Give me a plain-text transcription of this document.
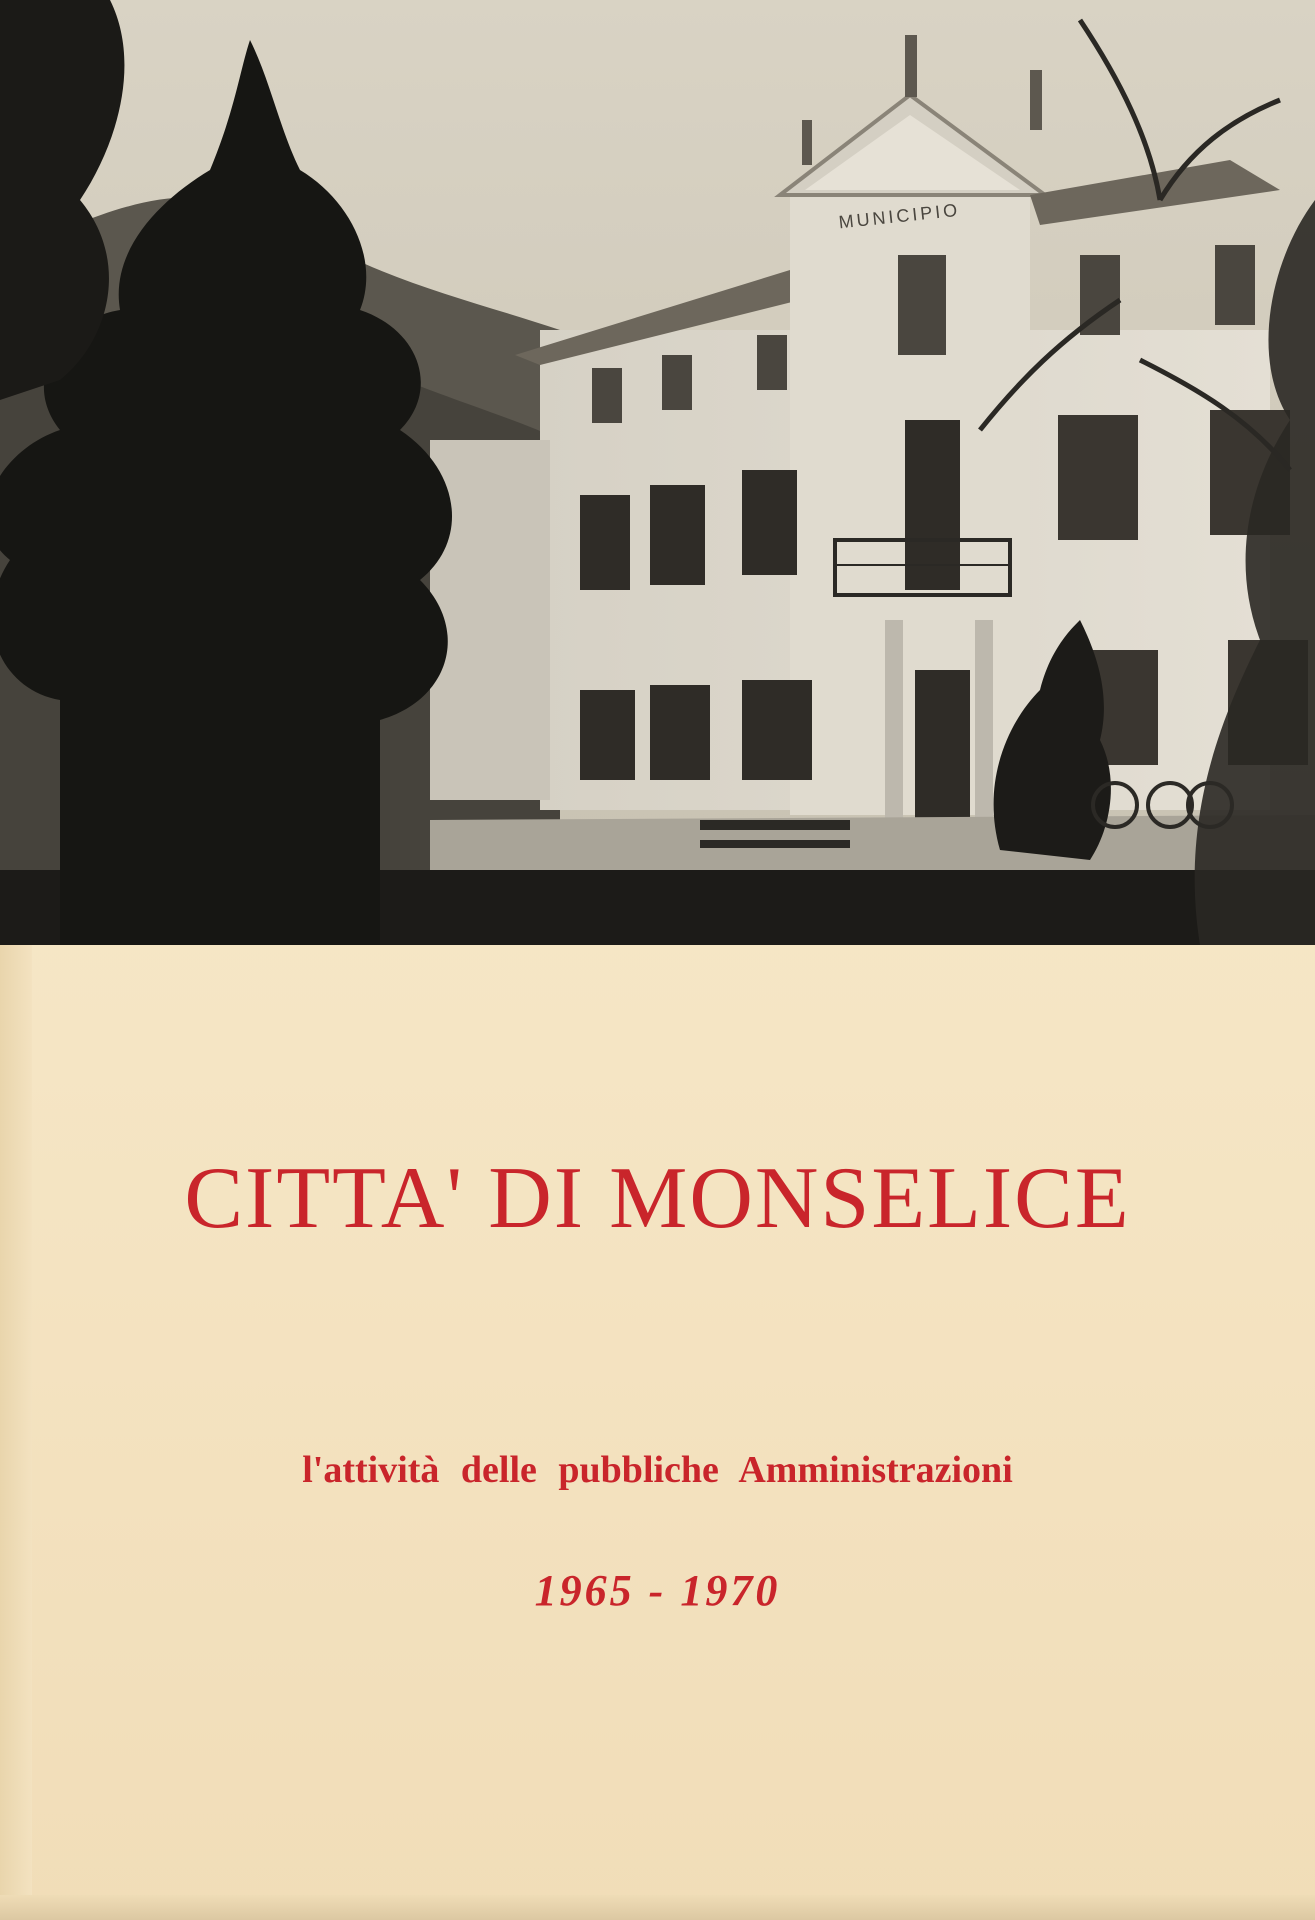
MUNICIPIO
CITTA' DI MONSELICE
l'attività delle pubbliche Amministrazioni
1965 - 1970
